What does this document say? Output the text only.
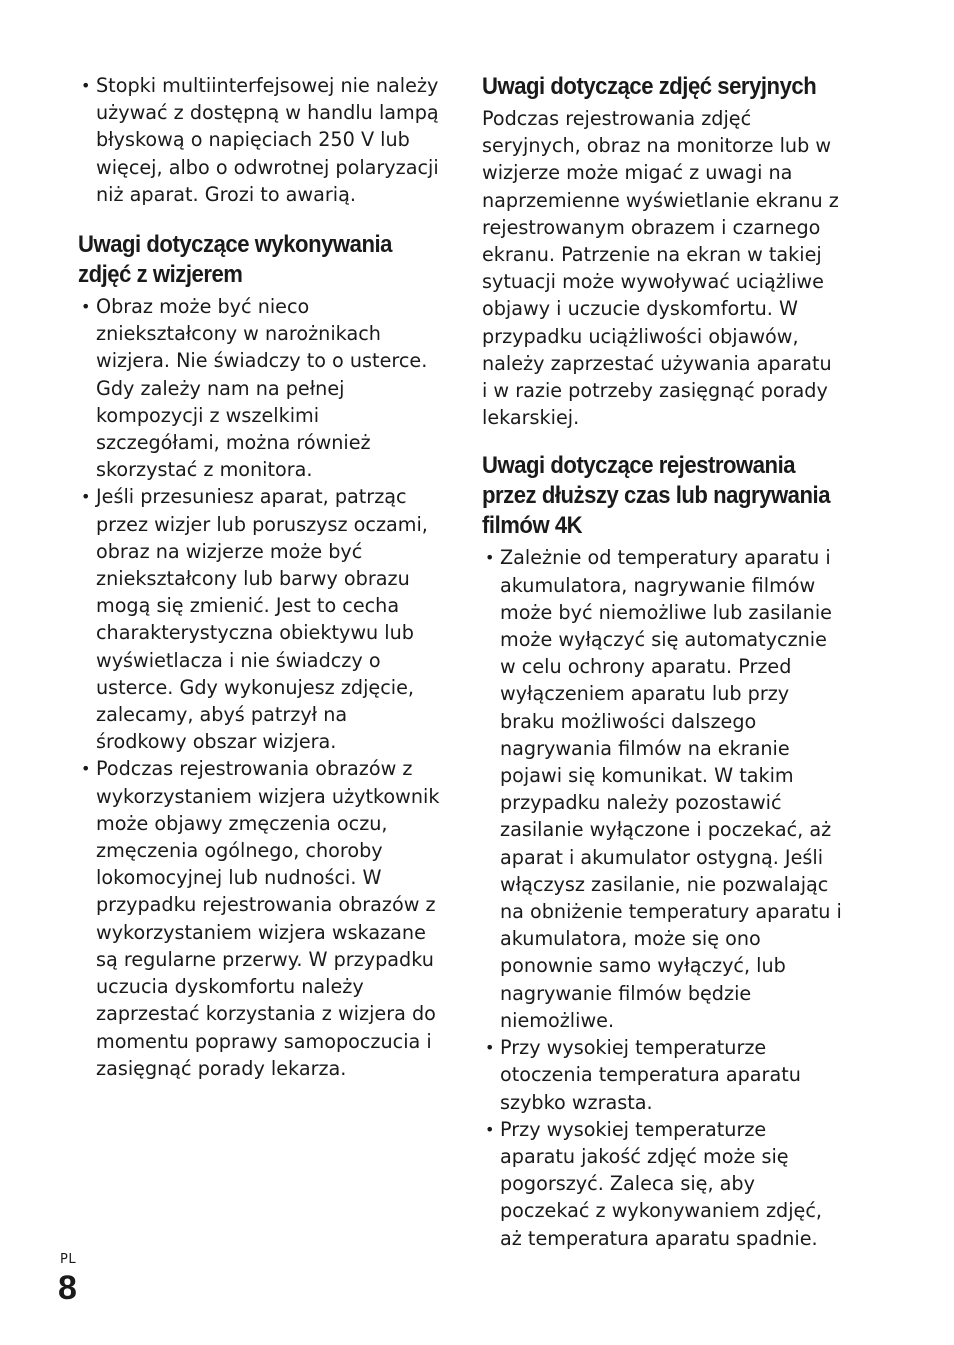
• Stopki multiinterfejsowej nie należy używać z dostępną w handlu lampą błyskową o napięciach 250 V lub więcej, albo o odwrotnej polaryzacji niż aparat. Grozi to awarią.
Uwagi dotyczące wykonywania
zdjęć z wizjerem
• Obraz może być nieco zniekształcony w narożnikach wizjera. Nie świadczy to o usterce. Gdy zależy nam na pełnej kompozycji z wszelkimi szczegółami, można również skorzystać z monitora.
• Jeśli przesuniesz aparat, patrząc przez wizjer lub poruszysz oczami, obraz na wizjerze może być zniekształcony lub barwy obrazu mogą się zmienić. Jest to cecha charakterystyczna obiektywu lub wyświetlacza i nie świadczy o usterce. Gdy wykonujesz zdjęcie, zalecamy, abyś patrzył na środkowy obszar wizjera.
• Podczas rejestrowania obrazów z wykorzystaniem wizjera użytkownik może objawy zmęczenia oczu, zmęczenia ogólnego, choroby lokomocyjnej lub nudności. W przypadku rejestrowania obrazów z wykorzystaniem wizjera wskazane są regularne przerwy. W przypadku uczucia dyskomfortu należy zaprzestać korzystania z wizjera do momentu poprawy samopoczucia i zasięgnąć porady lekarza.
Uwagi dotyczące zdjęć seryjnych

Podczas rejestrowania zdjęć seryjnych, obraz na monitorze lub w wizjerze może migać z uwagi na naprzemienne wyświetlanie ekranu z rejestrowanym obrazem i czarnego ekranu. Patrzenie na ekran w takiej sytuacji może wywoływać uciążliwe objawy i uczucie dyskomfortu. W przypadku uciążliwości objawów, należy zaprzestać używania aparatu i w razie potrzeby zasięgnąć porady lekarskiej.

Uwagi dotyczące rejestrowania
przez dłuższy czas lub nagrywania
filmów 4K
• Zależnie od temperatury aparatu i akumulatora, nagrywanie filmów może być niemożliwe lub zasilanie może wyłączyć się automatycznie w celu ochrony aparatu. Przed wyłączeniem aparatu lub przy braku możliwości dalszego nagrywania filmów na ekranie pojawi się komunikat. W takim przypadku należy pozostawić zasilanie wyłączone i poczekać, aż aparat i akumulator ostygną. Jeśli włączysz zasilanie, nie pozwalając na obniżenie temperatury aparatu i akumulatora, może się ono ponownie samo wyłączyć, lub nagrywanie filmów będzie niemożliwe.
• Przy wysokiej temperaturze otoczenia temperatura aparatu szybko wzrasta.
• Przy wysokiej temperaturze aparatu jakość zdjęć może się pogorszyć. Zaleca się, aby poczekać z wykonywaniem zdjęć, aż temperatura aparatu spadnie.
PL
8
